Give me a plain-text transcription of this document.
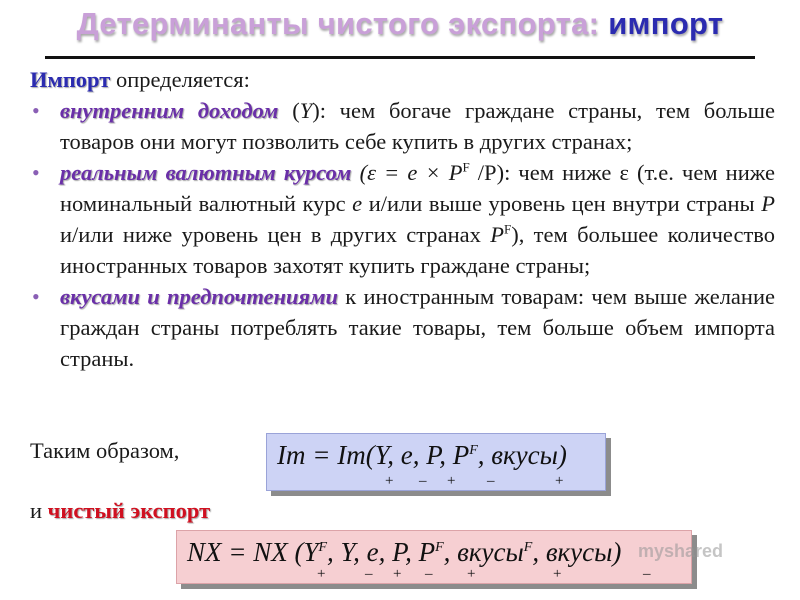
Детерминанты чистого экспорта: импорт
Импорт определяется:
• внутренним доходом (Y): чем богаче граждане страны, тем больше товаров они могут позволить себе купить в других странах;
• реальным валютным курсом ($\varepsilon = e \times P^F$ /P): чем ниже ε (т.е. чем ниже номинальный валютный курс e и/или выше уровень цен внутри страны P и/или ниже уровень цен в других странах $P^F$), тем большее количество иностранных товаров захотят купить граждане страны;
• вкусами и предпочтениями к иностранным товарам: чем выше желание граждан страны потреблять такие товары, тем больше объем импорта страны.
Таким образом,	Im = Im(Y, e, P, $P^F$, вкусы)
+ – + –	+
и чистый экспорт
NX = NX ($Y^F$, Y, e, P, $P^F$, вкусы$^F$, вкусы)
+	– + – +	+	–
myshared
